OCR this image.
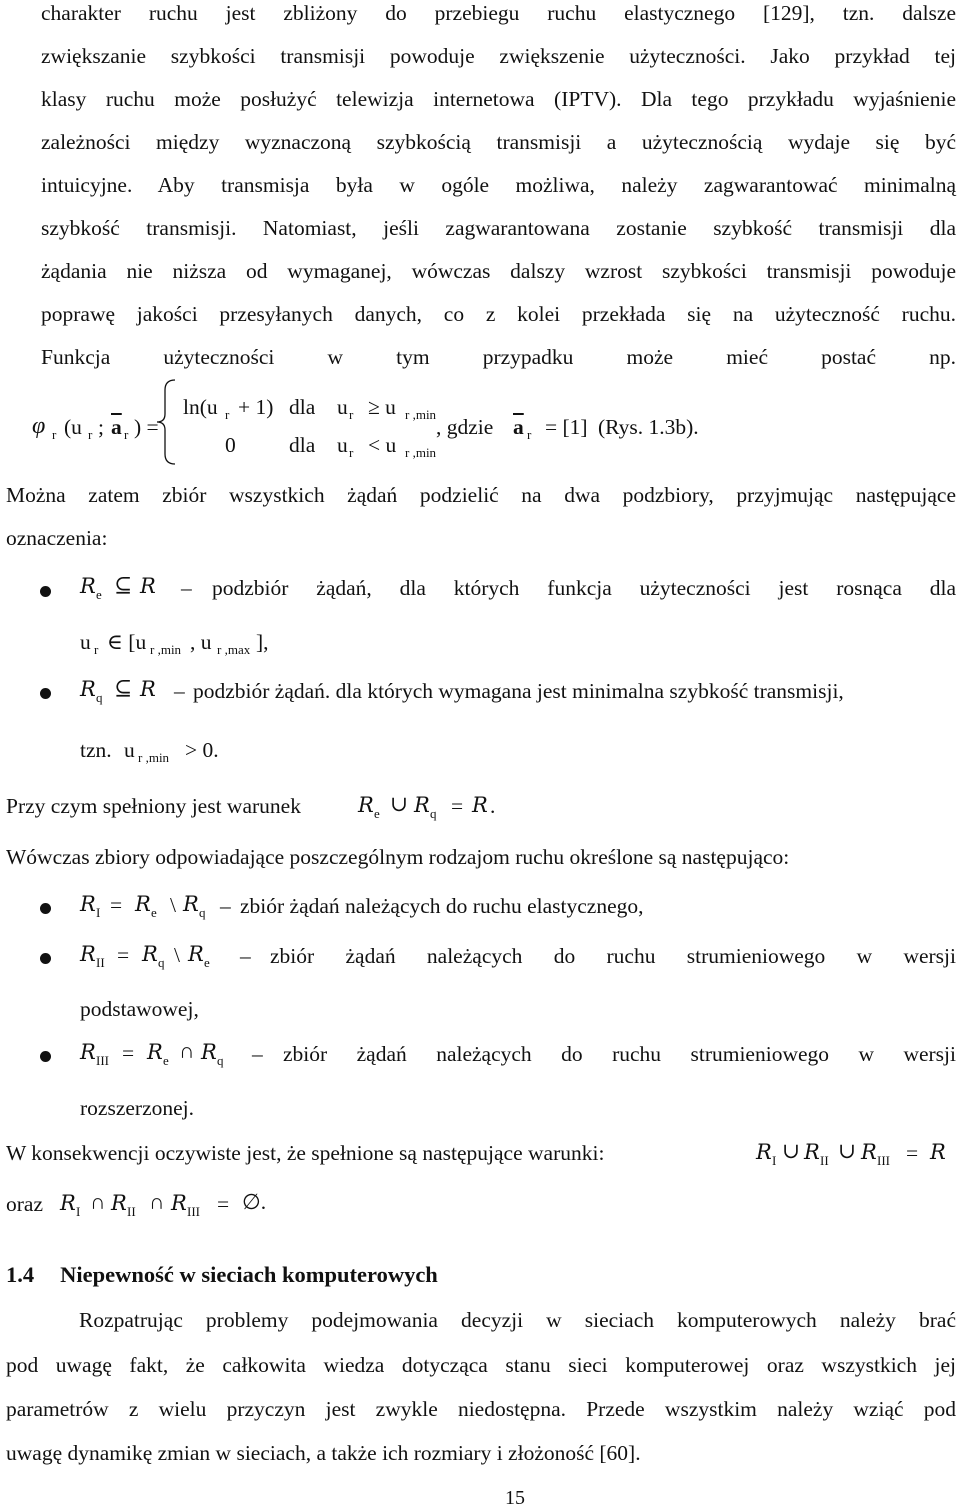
charakter ruchu jest zbliżony do przebiegu ruchu elastycznego [129], tzn. dalsze
zwiększanie szybkości transmisji powoduje zwiększenie użyteczności. Jako przykład tej
klasy ruchu może posłużyć telewizja internetowa (IPTV). Dla tego przykładu wyjaśnienie
zależności między wyznaczoną szybkością transmisji a użytecznością wydaje się być
intuicyjne. Aby transmisja była w ogóle możliwa, należy zagwarantować minimalną
szybkość transmisji. Natomiast, jeśli zagwarantowana zostanie szybkość transmisji dla
żądania nie niższa od wymaganej, wówczas dalszy wzrost szybkości transmisji powoduje
poprawę jakości przesyłanych danych, co z kolei przekłada się na użyteczność ruchu.
Funkcja użyteczności w tym przypadku może mieć postać np.
φ r (u r ; $\overline{a}$ r ) =
ln(u r + 1) dla u r ≥ u r ,min
0 dla u r < u r ,min
, gdzie $\overline{a}$ r = [1] (Rys. 1.3b).
Można zatem zbiór wszystkich żądań podzielić na dwa podzbiory, przyjmując następujące
oznaczenia:
R e ⊆ R – podzbiór żądań, dla których funkcja użyteczności jest rosnąca dla
u r ∈ [u r ,min , u r ,max ],
R q ⊆ R – podzbiór żądań. dla których wymagana jest minimalna szybkość transmisji,
tzn. u r ,min > 0.
Przy czym spełniony jest warunek	R e ∪ R q = R .
Wówczas zbiory odpowiadające poszczególnym rodzajom ruchu określone są następująco:
R I = R e \ R q – zbiór żądań należących do ruchu elastycznego,
R II = R q \ R e – zbiór żądań należących do ruchu strumieniowego w wersji
podstawowej,
R III = R e ∩ R q – zbiór żądań należących do ruchu strumieniowego w wersji
rozszerzonej.
W konsekwencji oczywiste jest, że spełnione są następujące warunki:	R I ∪ R II ∪ R III = R
oraz R I ∩ R II ∩ R III = ∅.
1.4 Niepewność w sieciach komputerowych
Rozpatrując problemy podejmowania decyzji w sieciach komputerowych należy brać
pod uwagę fakt, że całkowita wiedza dotycząca stanu sieci komputerowej oraz wszystkich jej
parametrów z wielu przyczyn jest zwykle niedostępna. Przede wszystkim należy wziąć pod
uwagę dynamikę zmian w sieciach, a także ich rozmiary i złożoność [60].
15
